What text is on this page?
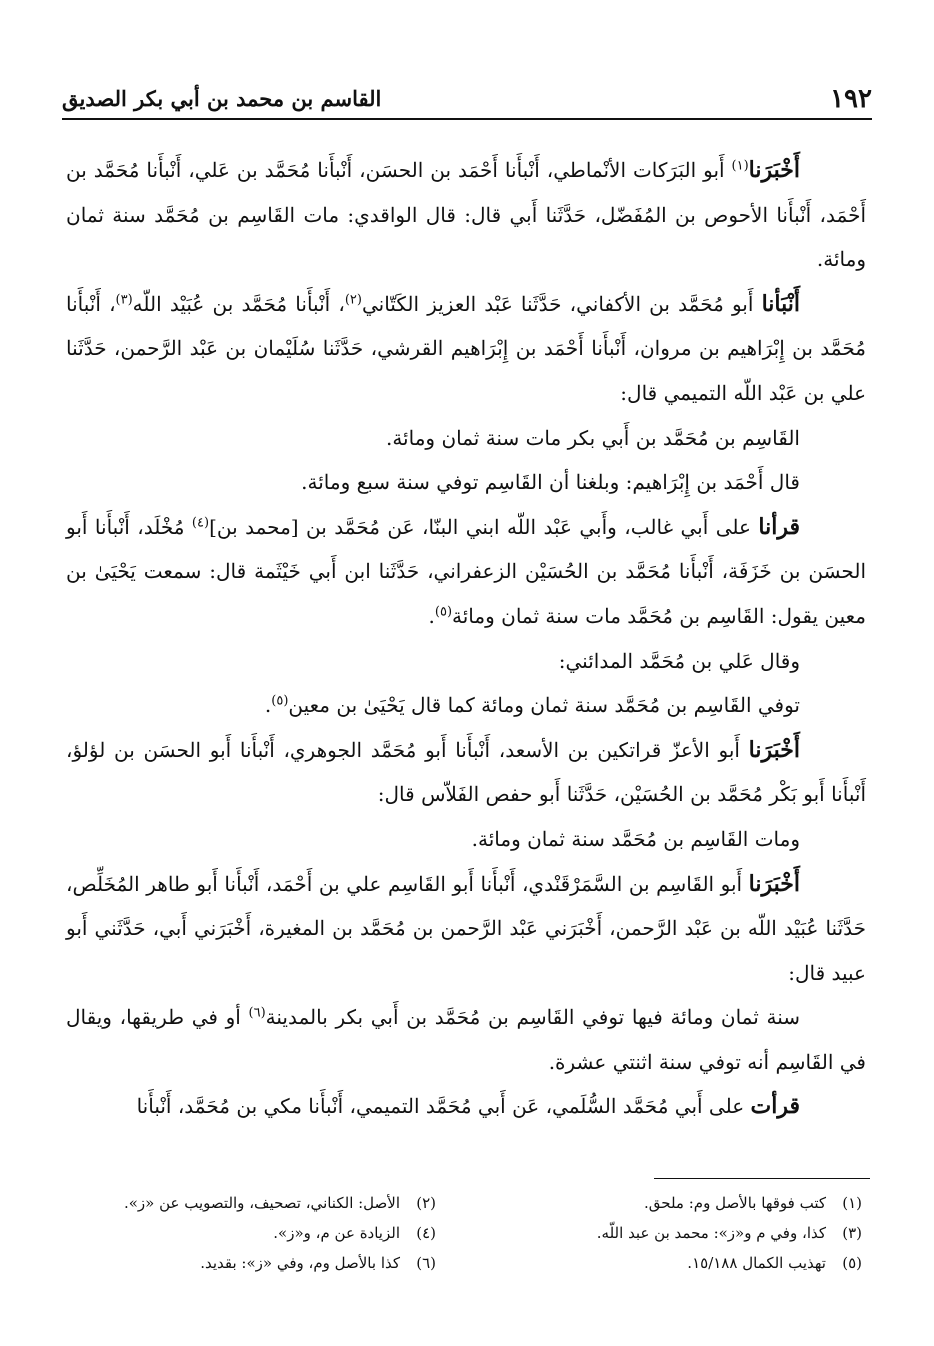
١٩٢
القاسم بن محمد بن أبي بكر الصديق

أَخْبَرَنا$^{(١)}$ أَبو البَرَكات الأنْماطي، أَنْبأَنا أَحْمَد بن الحسَن، أَنْبأَنا مُحَمَّد بن عَلي، أَنْبأَنا مُحَمَّد بن أَحْمَد، أَنْبأَنا الأحوص بن المُفَضّل، حَدَّثَنا أَبي قال: قال الواقدي: مات القَاسِم بن مُحَمَّد سنة ثمان ومائة.

أَنْبَأنا أَبو مُحَمَّد بن الأكفاني، حَدَّثَنا عَبْد العزيز الكَتّاني$^{(٢)}$، أَنْبأَنا مُحَمَّد بن عُبَيْد اللّه$^{(٣)}$، أَنْبأَنا مُحَمَّد بن إِبْرَاهيم بن مروان، أَنْبأَنا أَحْمَد بن إِبْرَاهيم القرشي، حَدَّثَنا سُلَيْمان بن عَبْد الرَّحمن، حَدَّثَنا علي بن عَبْد اللّه التميمي قال:

القَاسِم بن مُحَمَّد بن أَبي بكر مات سنة ثمان ومائة.

قال أَحْمَد بن إِبْرَاهيم: وبلغنا أن القَاسِم توفي سنة سبع ومائة.

قرأنا على أَبي غالب، وأَبي عَبْد اللّه ابني البنّا، عَن مُحَمَّد بن [محمد بن]$^{(٤)}$ مُخْلَد، أَنْبأَنا أَبو الحسَن بن خَزَفَة، أَنْبأَنا مُحَمَّد بن الحُسَيْن الزعفراني، حَدَّثَنا ابن أَبي خَيْثَمة قال: سمعت يَحْيَىٰ بن معين يقول: القَاسِم بن مُحَمَّد مات سنة ثمان ومائة$^{(٥)}$.

وقال عَلي بن مُحَمَّد المدائني:

توفي القَاسِم بن مُحَمَّد سنة ثمان ومائة كما قال يَحْيَىٰ بن معين$^{(٥)}$.

أَخْبَرَنا أَبو الأعزّ قراتكين بن الأسعد، أَنْبأَنا أَبو مُحَمَّد الجوهري، أَنْبأَنا أَبو الحسَن بن لؤلؤ، أَنْبأَنا أَبو بَكْر مُحَمَّد بن الحُسَيْن، حَدَّثَنا أَبو حفص الفَلاّس قال:

ومات القَاسِم بن مُحَمَّد سنة ثمان ومائة.

أَخْبَرَنا أَبو القَاسِم بن السَّمَرْقَنْدي، أَنْبأَنا أَبو القَاسِم علي بن أَحْمَد، أَنْبأَنا أَبو طاهر المُخَلِّص، حَدَّثَنا عُبَيْد اللّه بن عَبْد الرَّحمن، أَخْبَرَني عَبْد الرَّحمن بن مُحَمَّد بن المغيرة، أَخْبَرَني أَبي، حَدَّثَني أَبو عبيد قال:

سنة ثمان ومائة فيها توفي القَاسِم بن مُحَمَّد بن أَبي بكر بالمدينة$^{(٦)}$ أو في طريقها، ويقال في القَاسِم أنه توفي سنة اثنتي عشرة.

قرأت على أَبي مُحَمَّد السُّلَمي، عَن أَبي مُحَمَّد التميمي، أَنْبأَنا مكي بن مُحَمَّد، أَنْبأَنا

(١)كتب فوقها بالأصل وم: ملحق.
(٢)الأصل: الكناني، تصحيف، والتصويب عن «ز».
(٣)كذا، وفي م و«ز»: محمد بن عبد اللّه.
(٤)الزيادة عن م، و«ز».
(٥)تهذيب الكمال ١٥/١٨٨.
(٦)كذا بالأصل وم، وفي «ز»: بقديد.
